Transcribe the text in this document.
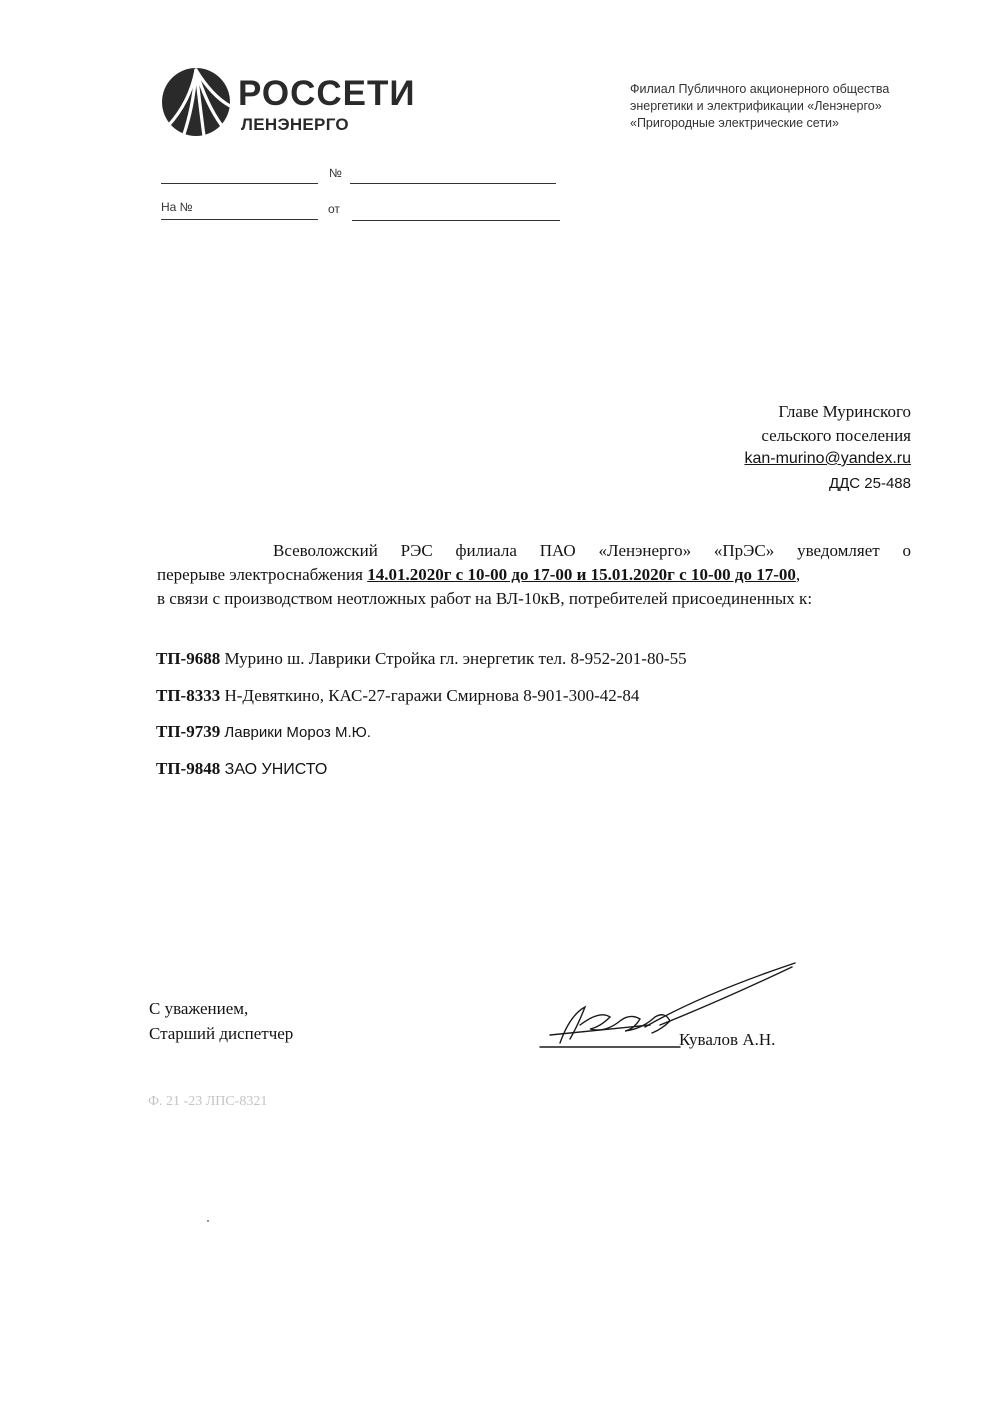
РОССЕТИ
ЛЕНЭНЕРГО
Филиал Публичного акционерного общества
энергетики и электрификации «Ленэнерго»
«Пригородные электрические сети»
№
На №	от
Главе Муринского
сельского поселения
kan-murino@yandex.ru
ДДС 25-488
Всеволожский РЭС филиала ПАО «Ленэнерго» «ПрЭС» уведомляет о
перерыве электроснабжения 14.01.2020г с 10-00 до 17-00 и 15.01.2020г с 10-00 до 17-00,
в связи с производством неотложных работ на ВЛ-10кВ, потребителей присоединенных к:
ТП-9688 Мурино ш. Лаврики Стройка гл. энергетик тел. 8-952-201-80-55
ТП-8333 Н-Девяткино, КАС-27-гаражи Смирнова 8-901-300-42-84
ТП-9739 Лаврики Мороз М.Ю.
ТП-9848 ЗАО УНИСТО
С уважением,
Старший диспетчер	Кувалов А.Н.
Ф. 21 -23 ЛПС-8321
